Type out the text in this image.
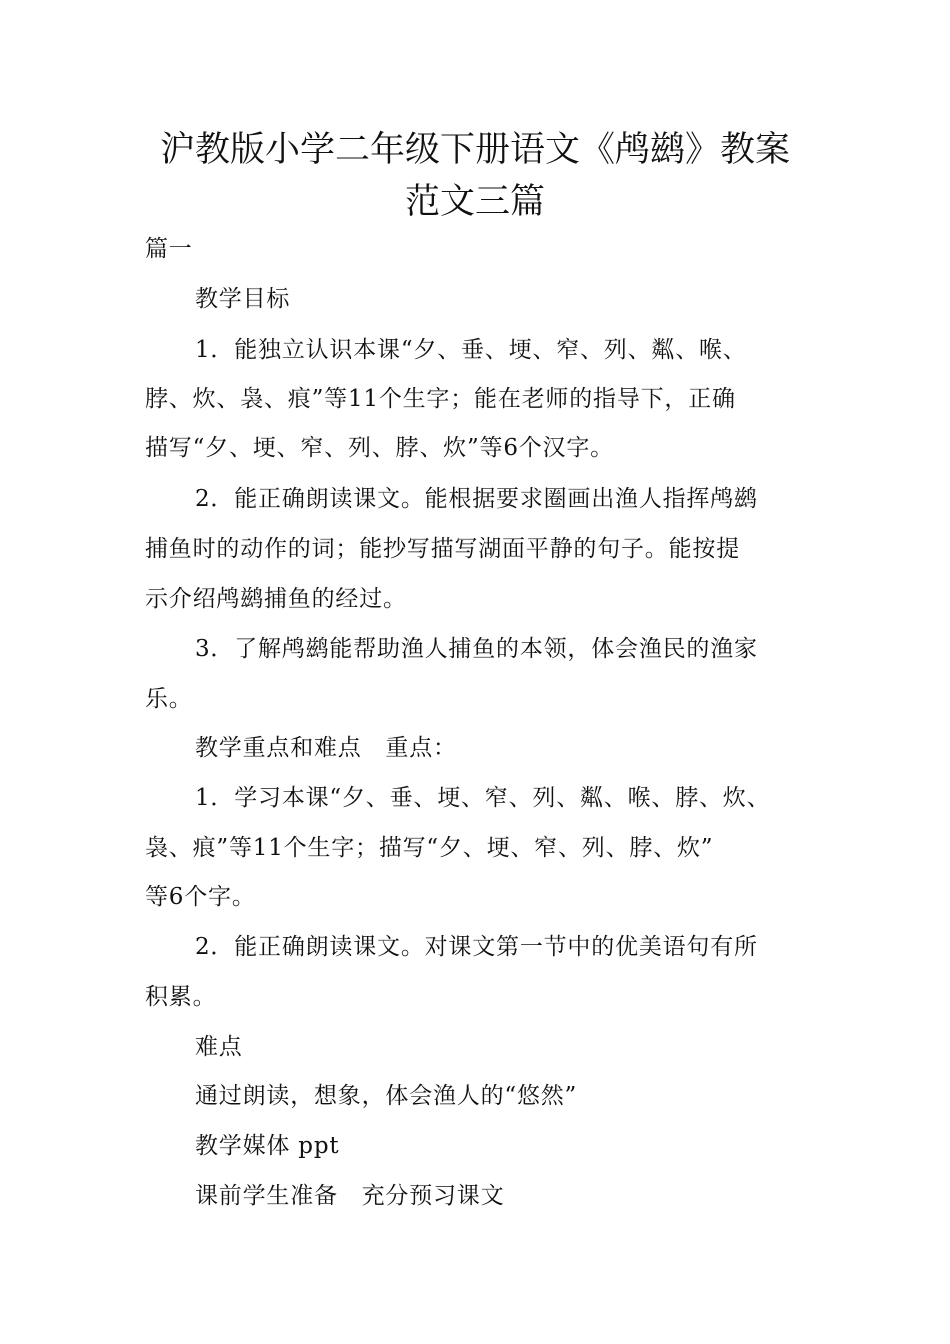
沪教版小学二年级下册语文《鸬鹚》教案
范文三篇

篇一

教学目标

1．能独立认识本课“夕、垂、埂、窄、列、粼、喉、

脖、炊、袅、痕”等11个生字；能在老师的指导下，正确

描写“夕、埂、窄、列、脖、炊”等6个汉字。

2．能正确朗读课文。能根据要求圈画出渔人指挥鸬鹚

捕鱼时的动作的词；能抄写描写湖面平静的句子。能按提

示介绍鸬鹚捕鱼的经过。

3．了解鸬鹚能帮助渔人捕鱼的本领，体会渔民的渔家

乐。

教学重点和难点　重点：

1．学习本课“夕、垂、埂、窄、列、粼、喉、脖、炊、

袅、痕”等11个生字；描写“夕、埂、窄、列、脖、炊”

等6个字。

2．能正确朗读课文。对课文第一节中的优美语句有所

积累。

难点

通过朗读，想象，体会渔人的“悠然”

教学媒体 ppt

课前学生准备　充分预习课文
